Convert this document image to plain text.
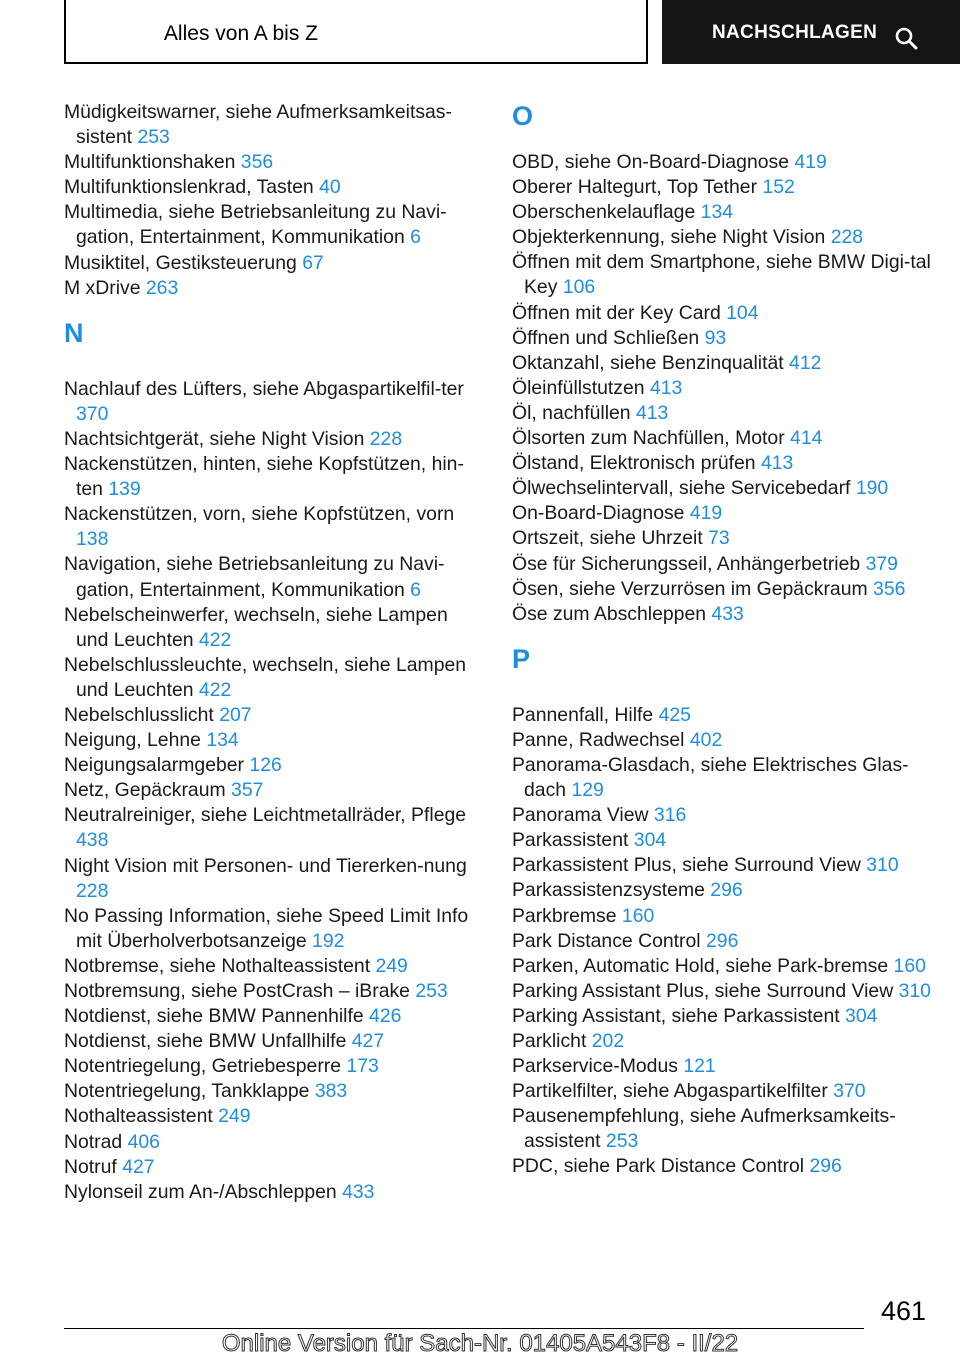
Alles von A bis Z	NACHSCHLAGEN
Müdigkeitswarner, siehe Aufmerksamkeitsas-sistent 253
Multifunktionshaken 356
Multifunktionslenkrad, Tasten 40
Multimedia, siehe Betriebsanleitung zu Navi-gation, Entertainment, Kommunikation 6
Musiktitel, Gestiksteuerung 67
M xDrive 263
N
Nachlauf des Lüfters, siehe Abgaspartikelfil-ter 370
Nachtsichtgerät, siehe Night Vision 228
Nackenstützen, hinten, siehe Kopfstützen, hin-ten 139
Nackenstützen, vorn, siehe Kopfstützen, vorn 138
Navigation, siehe Betriebsanleitung zu Navi-gation, Entertainment, Kommunikation 6
Nebelscheinwerfer, wechseln, siehe Lampen und Leuchten 422
Nebelschlussleuchte, wechseln, siehe Lampen und Leuchten 422
Nebelschlusslicht 207
Neigung, Lehne 134
Neigungsalarmgeber 126
Netz, Gepäckraum 357
Neutralreiniger, siehe Leichtmetallräder, Pflege 438
Night Vision mit Personen- und Tiererken-nung 228
No Passing Information, siehe Speed Limit Info mit Überholverbotsanzeige 192
Notbremse, siehe Nothalteassistent 249
Notbremsung, siehe PostCrash – iBrake 253
Notdienst, siehe BMW Pannenhilfe 426
Notdienst, siehe BMW Unfallhilfe 427
Notentriegelung, Getriebesperre 173
Notentriegelung, Tankklappe 383
Nothalteassistent 249
Notrad 406
Notruf 427
Nylonseil zum An-/Abschleppen 433
O
OBD, siehe On-Board-Diagnose 419
Oberer Haltegurt, Top Tether 152
Oberschenkelauflage 134
Objekterkennung, siehe Night Vision 228
Öffnen mit dem Smartphone, siehe BMW Digi-tal Key 106
Öffnen mit der Key Card 104
Öffnen und Schließen 93
Oktanzahl, siehe Benzinqualität 412
Öleinfüllstutzen 413
Öl, nachfüllen 413
Ölsorten zum Nachfüllen, Motor 414
Ölstand, Elektronisch prüfen 413
Ölwechselintervall, siehe Servicebedarf 190
On-Board-Diagnose 419
Ortszeit, siehe Uhrzeit 73
Öse für Sicherungsseil, Anhängerbetrieb 379
Ösen, siehe Verzurrösen im Gepäckraum 356
Öse zum Abschleppen 433
P
Pannenfall, Hilfe 425
Panne, Radwechsel 402
Panorama-Glasdach, siehe Elektrisches Glas-dach 129
Panorama View 316
Parkassistent 304
Parkassistent Plus, siehe Surround View 310
Parkassistenzsysteme 296
Parkbremse 160
Park Distance Control 296
Parken, Automatic Hold, siehe Park-bremse 160
Parking Assistant Plus, siehe Surround View 310
Parking Assistant, siehe Parkassistent 304
Parklicht 202
Parkservice-Modus 121
Partikelfilter, siehe Abgaspartikelfilter 370
Pausenempfehlung, siehe Aufmerksamkeits-assistent 253
PDC, siehe Park Distance Control 296
461
Online Version für Sach-Nr. 01405A543F8 - II/22
